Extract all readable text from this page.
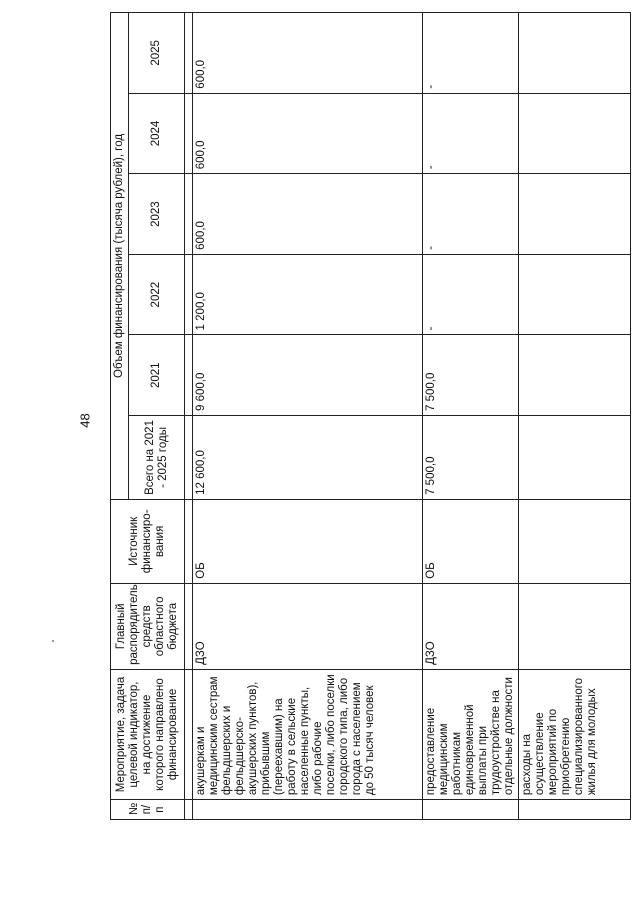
48
№
п/п	Мероприятие, задача целевой индикатор, на достижение которого направлено финансирование	Главный распорядитель средств областного бюджета	Источник финансиро-вания	Объем финансирования (тысяча рублей), год					
				Всего на 2021 - 2025 годы	2021	2022	2023	2024	2025

	акушеркам и медицинским сестрам фельдшерских и фельдшерско-акушерских пунктов), прибывшим (переехавшим) на работу в сельские населенные пункты, либо рабочие поселки, либо поселки городского типа, либо города с населением до 50 тысяч человек	ДЗО	ОБ	12 600,0	9 600,0	1 200,0	600,0	600,0	600,0
	предоставление медицинским работникам единовременной выплаты при трудоустройстве на отдельные должности	ДЗО	ОБ	7 500,0	7 500,0	-	-	-	-
	расходы на осуществление мероприятий по приобретению специализированного жилья для молодых								
